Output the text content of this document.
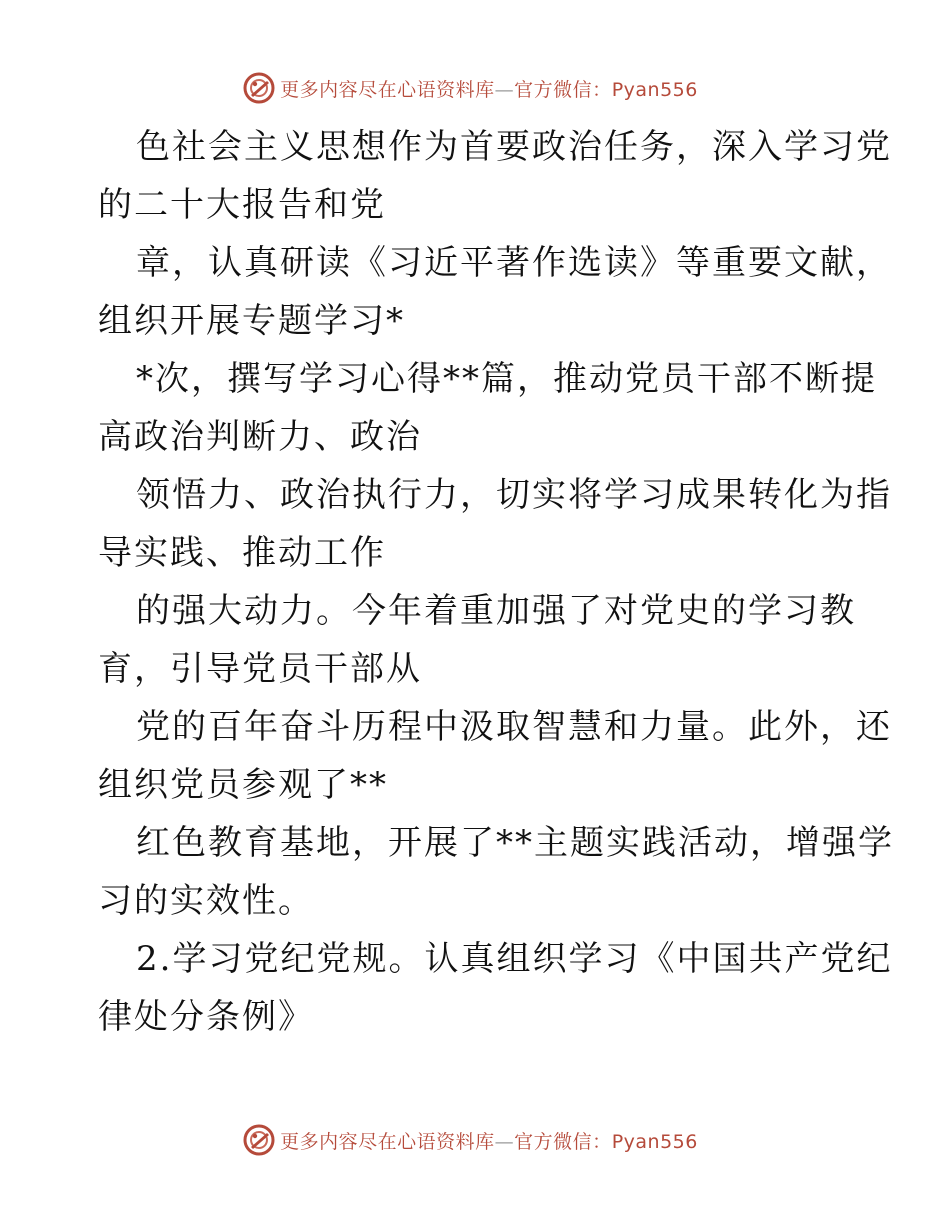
更多内容尽在心语资料库—官方微信：Pyan556
色社会主义思想作为首要政治任务，深入学习党
的二十大报告和党
章，认真研读《习近平著作选读》等重要文献，
组织开展专题学习*
*次，撰写学习心得**篇，推动党员干部不断提
高政治判断力、政治
领悟力、政治执行力，切实将学习成果转化为指
导实践、推动工作
的强大动力。今年着重加强了对党史的学习教
育，引导党员干部从
党的百年奋斗历程中汲取智慧和力量。此外，还
组织党员参观了**
红色教育基地，开展了**主题实践活动，增强学
习的实效性。
2.学习党纪党规。认真组织学习《中国共产党纪
律处分条例》
更多内容尽在心语资料库—官方微信：Pyan556
